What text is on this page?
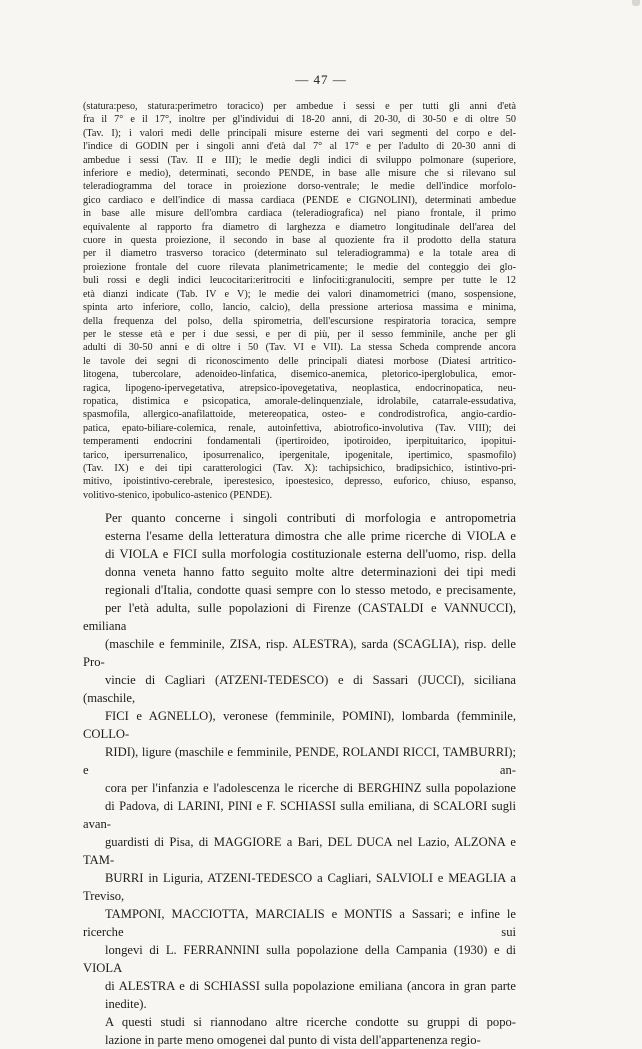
— 47 —

(statura:peso, statura:perimetro toracico) per ambedue i sessi e per tutti gli anni d'età
fra il 7° e il 17°, inoltre per gl'individui di 18-20 anni, di 20-30, di 30-50 e di oltre 50
(Tav. I); i valori medi delle principali misure esterne dei vari segmenti del corpo e del-
l'indice di GODIN per i singoli anni d'età dal 7° al 17° e per l'adulto di 20-30 anni di
ambedue i sessi (Tav. II e III); le medie degli indici di sviluppo polmonare (superiore,
inferiore e medio), determinati, secondo PENDE, in base alle misure che si rilevano sul
teleradiogramma del torace in proiezione dorso-ventrale; le medie dell'indice morfolo-
gico cardiaco e dell'indice di massa cardiaca (PENDE e CIGNOLINI), determinati ambedue
in base alle misure dell'ombra cardiaca (teleradiografica) nel piano frontale, il primo
equivalente al rapporto fra diametro di larghezza e diametro longitudinale dell'area del
cuore in questa proiezione, il secondo in base al quoziente fra il prodotto della statura
per il diametro trasverso toracico (determinato sul teleradiogramma) e la totale area di
proiezione frontale del cuore rilevata planimetricamente; le medie del conteggio dei glo-
buli rossi e degli indici leucocitari:eritrociti e linfociti:granulociti, sempre per tutte le 12
età dianzi indicate (Tab. IV e V); le medie dei valori dinamometrici (mano, sospensione,
spinta arto inferiore, collo, lancio, calcio), della pressione arteriosa massima e minima,
della frequenza del polso, della spirometria, dell'escursione respiratoria toracica, sempre
per le stesse età e per i due sessi, e per di più, per il sesso femminile, anche per gli
adulti di 30-50 anni e di oltre i 50 (Tav. VI e VII). La stessa Scheda comprende ancora
le tavole dei segni di riconoscimento delle principali diatesi morbose (Diatesi artritico-
litogena, tubercolare, adenoideo-linfatica, disemico-anemica, pletorico-iperglobulica, emor-
ragica, lipogeno-ipervegetativa, atrepsico-ipovegetativa, neoplastica, endocrinopatica, neu-
ropatica, distimica e psicopatica, amorale-delinquenziale, idrolabile, catarrale-essudativa,
spasmofila, allergico-anafilattoide, metereopatica, osteo- e condrodistrofica, angio-cardio-
patica, epato-biliare-colemica, renale, autoinfettiva, abiotrofico-involutiva (Tav. VIII); dei
temperamenti endocrini fondamentali (ipertiroideo, ipotiroideo, iperpituitarico, ipopitui-
tarico, ipersurrenalico, iposurrenalico, ipergenitale, ipogenitale, ipertimico, spasmofilo)
(Tav. IX) e dei tipi caratterologici (Tav. X): tachipsichico, bradipsichico, istintivo-pri-
mitivo, ipoistintivo-cerebrale, iperestesico, ipoestesico, depresso, euforico, chiuso, espanso,
volitivo-stenico, ipobulico-astenico (PENDE).

Per quanto concerne i singoli contributi di morfologia e antropometria
esterna l'esame della letteratura dimostra che alle prime ricerche di VIOLA e
di VIOLA e FICI sulla morfologia costituzionale esterna dell'uomo, risp. della
donna veneta hanno fatto seguito molte altre determinazioni dei tipi medi
regionali d'Italia, condotte quasi sempre con lo stesso metodo, e precisamente,
per l'età adulta, sulle popolazioni di Firenze (CASTALDI e VANNUCCI), emiliana
(maschile e femminile, ZISA, risp. ALESTRA), sarda (SCAGLIA), risp. delle Pro-
vincie di Cagliari (ATZENI-TEDESCO) e di Sassari (JUCCI), siciliana (maschile,
FICI e AGNELLO), veronese (femminile, POMINI), lombarda (femminile, COLLO-
RIDI), ligure (maschile e femminile, PENDE, ROLANDI RICCI, TAMBURRI); e an-
cora per l'infanzia e l'adolescenza le ricerche di BERGHINZ sulla popolazione
di Padova, di LARINI, PINI e F. SCHIASSI sulla emiliana, di SCALORI sugli avan-
guardisti di Pisa, di MAGGIORE a Bari, DEL DUCA nel Lazio, ALZONA e TAM-
BURRI in Liguria, ATZENI-TEDESCO a Cagliari, SALVIOLI e MEAGLIA a Treviso,
TAMPONI, MACCIOTTA, MARCIALIS e MONTIS a Sassari; e infine le ricerche sui
longevi di L. FERRANNINI sulla popolazione della Campania (1930) e di VIOLA
di ALESTRA e di SCHIASSI sulla popolazione emiliana (ancora in gran parte
inedite).

A questi studi si riannodano altre ricerche condotte su gruppi di popo-
lazione in parte meno omogenei dal punto di vista dell'appartenenza regio-
